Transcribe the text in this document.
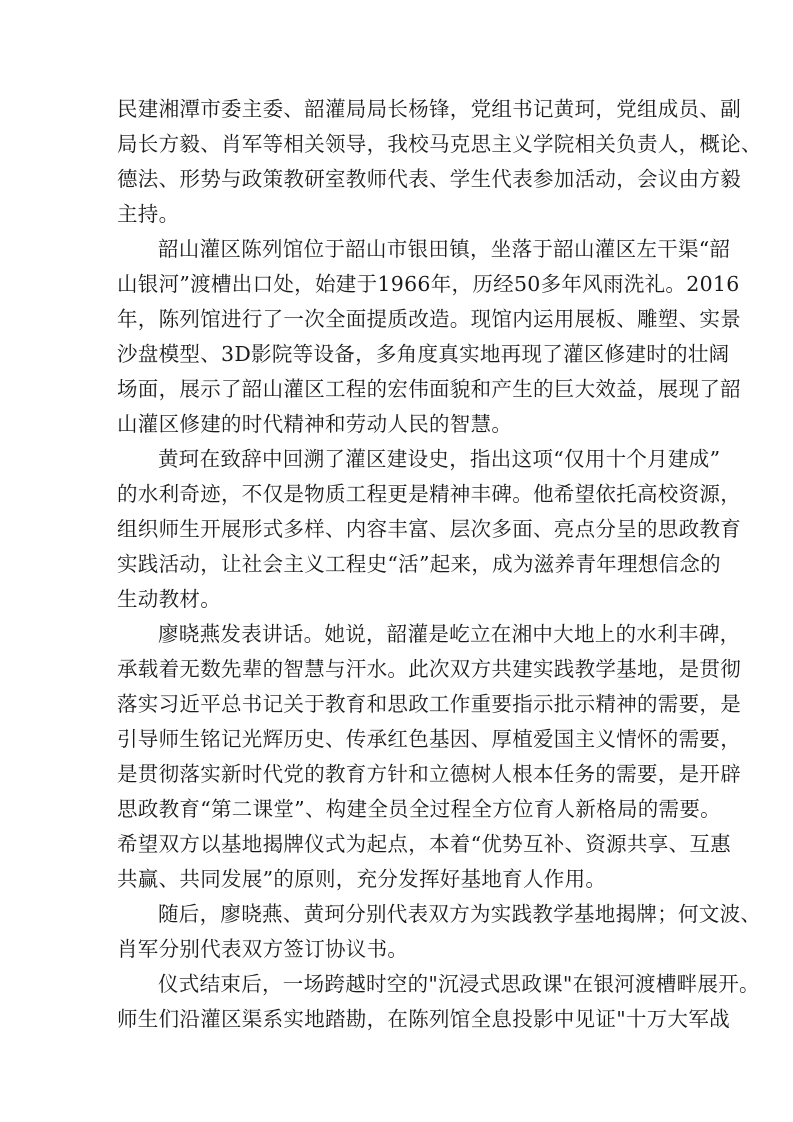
民建湘潭市委主委、韶灌局局长杨锋，党组书记黄珂，党组成员、副
局长方毅、肖军等相关领导，我校马克思主义学院相关负责人，概论、
德法、形势与政策教研室教师代表、学生代表参加活动，会议由方毅
主持。

韶山灌区陈列馆位于韶山市银田镇，坐落于韶山灌区左干渠“韶
山银河”渡槽出口处，始建于1966年，历经50多年风雨洗礼。2016
年，陈列馆进行了一次全面提质改造。现馆内运用展板、雕塑、实景
沙盘模型、3D影院等设备，多角度真实地再现了灌区修建时的壮阔
场面，展示了韶山灌区工程的宏伟面貌和产生的巨大效益，展现了韶
山灌区修建的时代精神和劳动人民的智慧。

黄珂在致辞中回溯了灌区建设史，指出这项“仅用十个月建成”
的水利奇迹，不仅是物质工程更是精神丰碑。他希望依托高校资源，
组织师生开展形式多样、内容丰富、层次多面、亮点分呈的思政教育
实践活动，让社会主义工程史“活”起来，成为滋养青年理想信念的
生动教材。

廖晓燕发表讲话。她说，韶灌是屹立在湘中大地上的水利丰碑，
承载着无数先辈的智慧与汗水。此次双方共建实践教学基地，是贯彻
落实习近平总书记关于教育和思政工作重要指示批示精神的需要，是
引导师生铭记光辉历史、传承红色基因、厚植爱国主义情怀的需要，
是贯彻落实新时代党的教育方针和立德树人根本任务的需要，是开辟
思政教育“第二课堂”、构建全员全过程全方位育人新格局的需要。
希望双方以基地揭牌仪式为起点，本着“优势互补、资源共享、互惠
共赢、共同发展”的原则，充分发挥好基地育人作用。

随后，廖晓燕、黄珂分别代表双方为实践教学基地揭牌；何文波、
肖军分别代表双方签订协议书。

仪式结束后，一场跨越时空的"沉浸式思政课"在银河渡槽畔展开。
师生们沿灌区渠系实地踏勘，在陈列馆全息投影中见证"十万大军战
